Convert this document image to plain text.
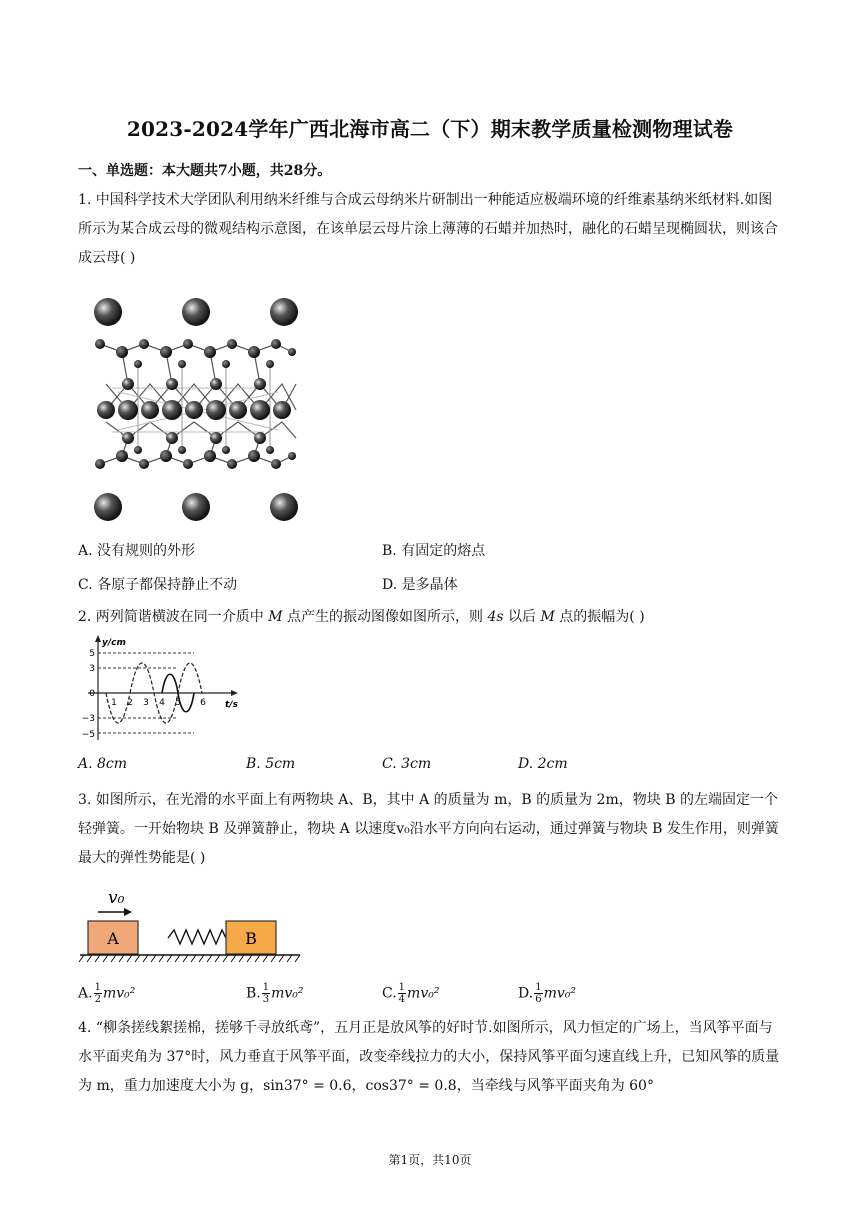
2023-2024学年广西北海市高二（下）期末教学质量检测物理试卷
一、单选题：本大题共7小题，共28分。
1. 中国科学技术大学团队利用纳米纤维与合成云母纳米片研制出一种能适应极端环境的纤维素基纳米纸材料.如图所示为某合成云母的微观结构示意图，在该单层云母片涂上薄薄的石蜡并加热时，融化的石蜡呈现椭圆状，则该合成云母( )
A. 没有规则的外形	B. 有固定的熔点
C. 各原子都保持静止不动	D. 是多晶体
2. 两列简谐横波在同一介质中 M 点产生的振动图像如图所示，则 4s 以后 M 点的振幅为( )
y/cm
t/s
5
3
0
−3
−5
1 2 3 4 5 6
A. 8cm	B. 5cm	C. 3cm	D. 2cm
3. 如图所示，在光滑的水平面上有两物块 A、B，其中 A 的质量为 m，B 的质量为 2m，物块 B 的左端固定一个轻弹簧。一开始物块 B 及弹簧静止，物块 A 以速度v₀沿水平方向向右运动，通过弹簧与物块 B 发生作用，则弹簧最大的弹性势能是( )
v₀
A	B
A. $\frac{1}{2} mv_0^2$	B. $\frac{1}{3} mv_0^2$	C. $\frac{1}{4} mv_0^2$	D. $\frac{1}{6} mv_0^2$
4. “柳条搓线絮搓棉，搓够千寻放纸鸢”，五月正是放风筝的好时节.如图所示，风力恒定的广场上，当风筝平面与水平面夹角为 37°时，风力垂直于风筝平面，改变牵线拉力的大小，保持风筝平面匀速直线上升，已知风筝的质量为 m，重力加速度大小为 g，sin37° = 0.6，cos37° = 0.8，当牵线与风筝平面夹角为 60°
第1页，共10页
